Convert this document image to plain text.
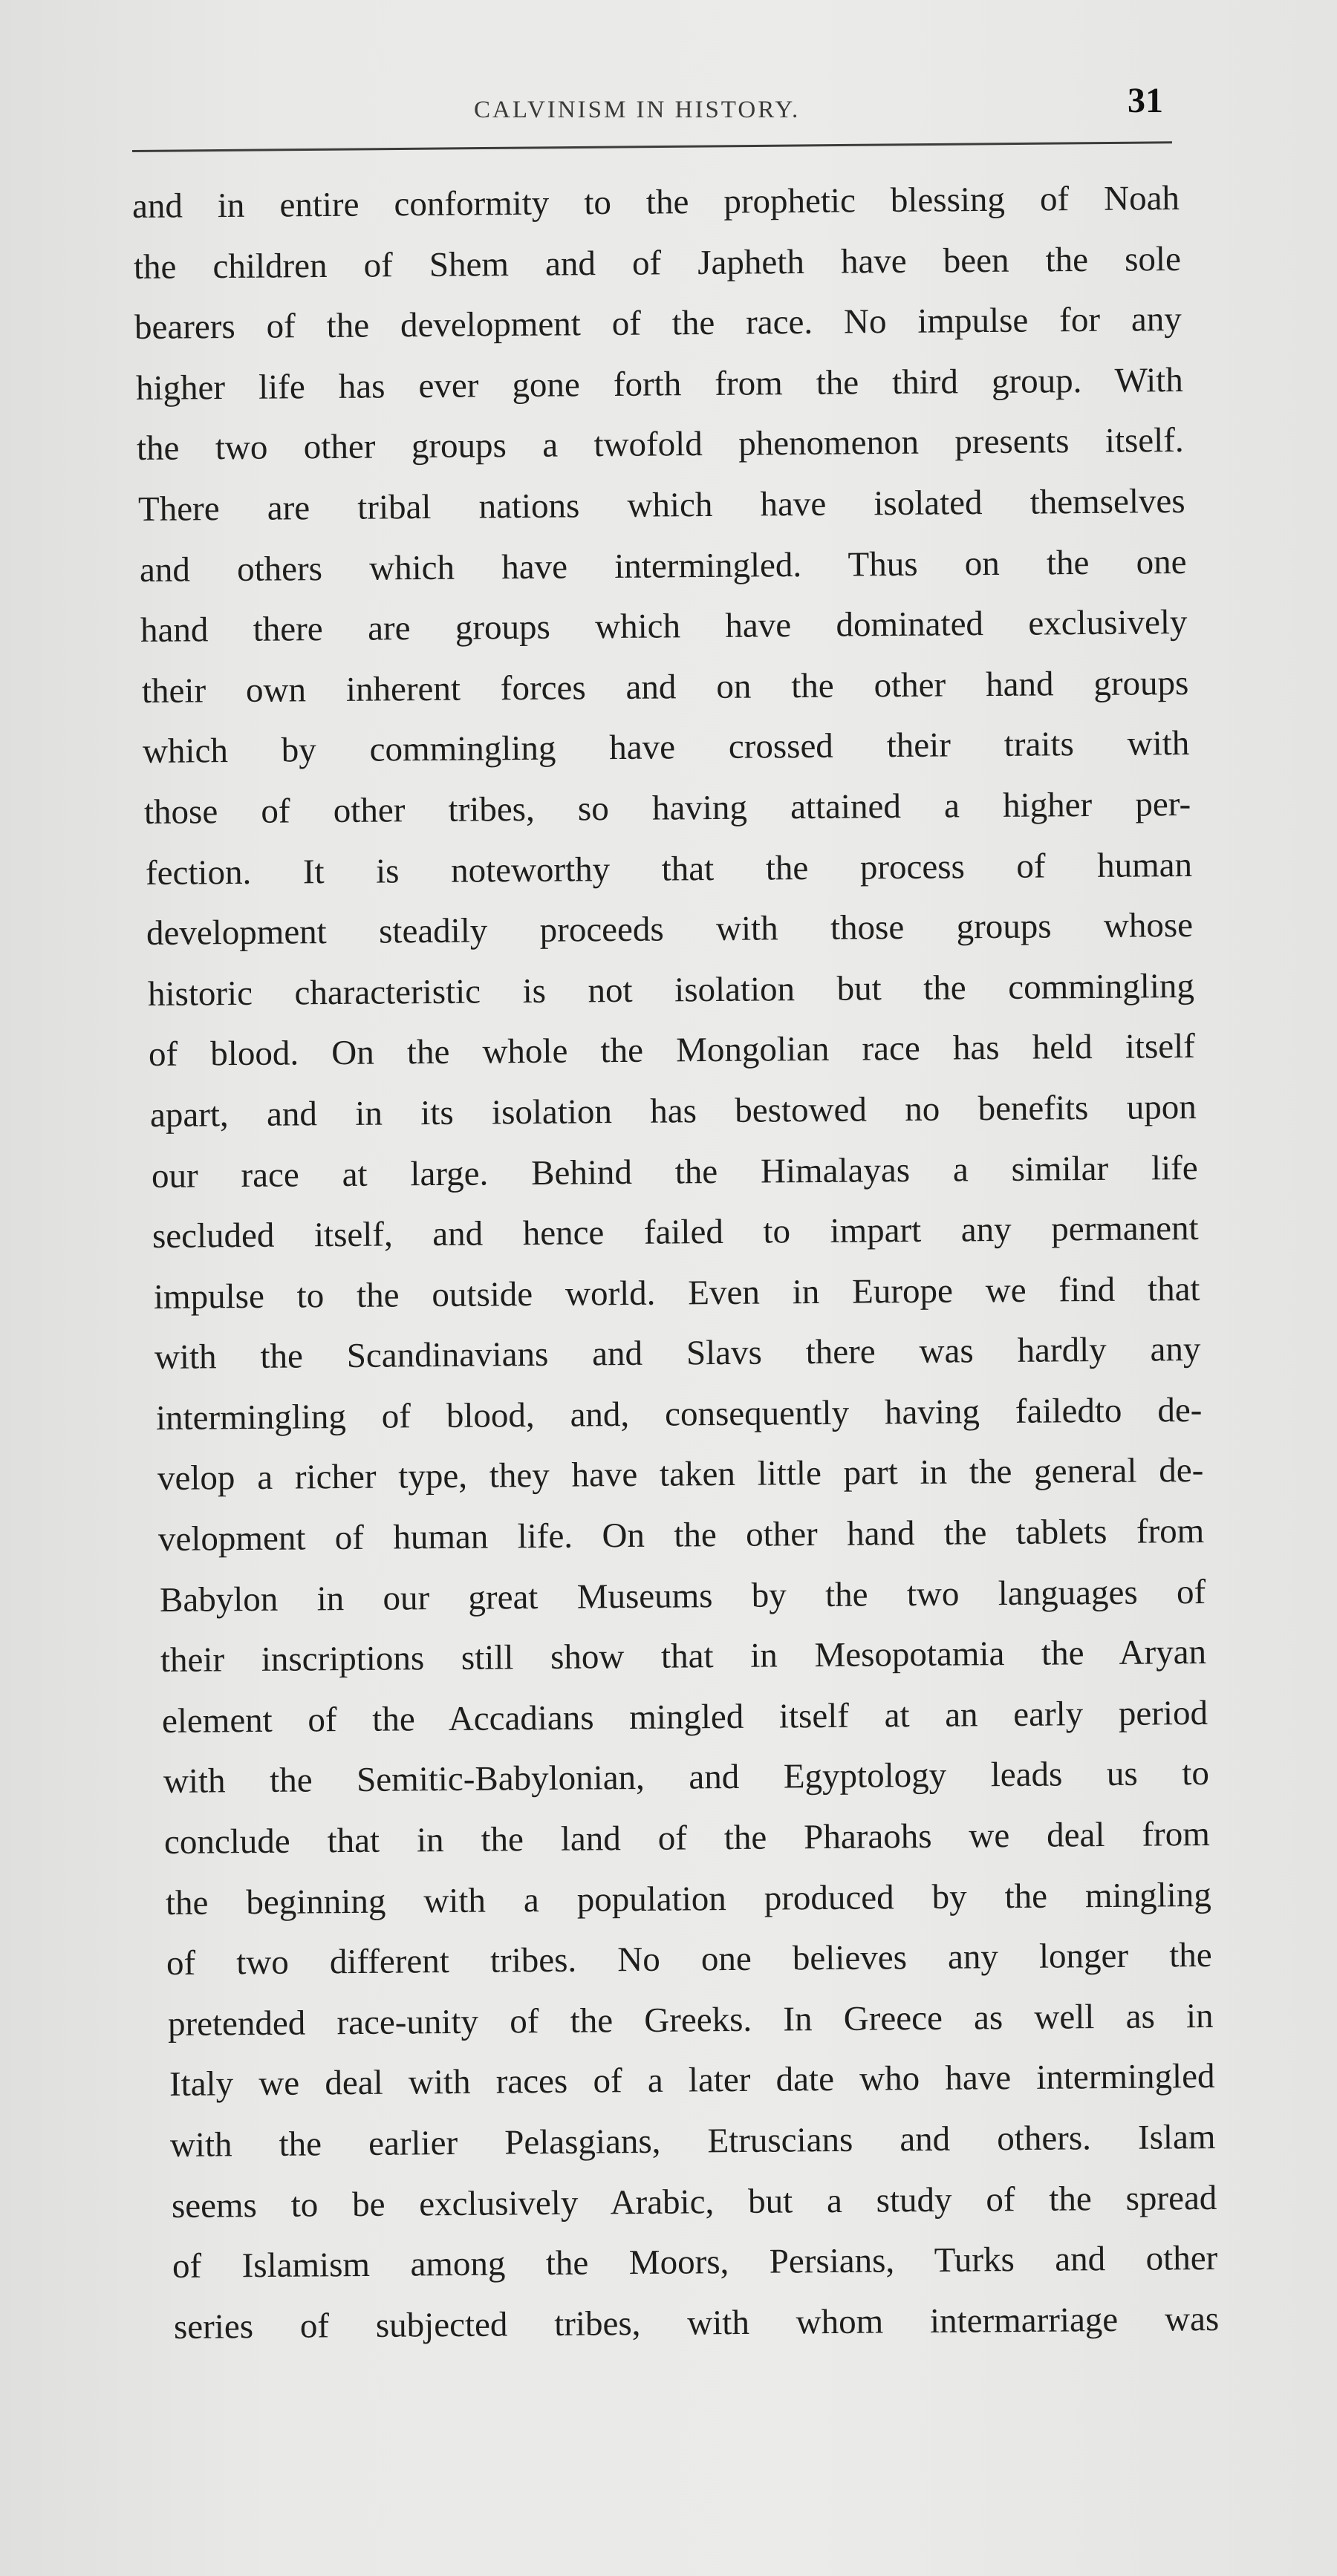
CALVINISM IN HISTORY.	31
and in entire conformity to the prophetic blessing of Noah
the children of Shem and of Japheth have been the sole
bearers of the development of the race. No impulse for any
higher life has ever gone forth from the third group. With
the two other groups a twofold phenomenon presents itself.
There are tribal nations which have isolated themselves
and others which have intermingled. Thus on the one
hand there are groups which have dominated exclusively
their own inherent forces and on the other hand groups
which by commingling have crossed their traits with
those of other tribes, so having attained a higher per-
fection. It is noteworthy that the process of human
development steadily proceeds with those groups whose
historic characteristic is not isolation but the commingling
of blood. On the whole the Mongolian race has held itself
apart, and in its isolation has bestowed no benefits upon
our race at large. Behind the Himalayas a similar life
secluded itself, and hence failed to impart any permanent
impulse to the outside world. Even in Europe we find that
with the Scandinavians and Slavs there was hardly any
intermingling of blood, and, consequently having failedto de-
velop a richer type, they have taken little part in the general de-
velopment of human life. On the other hand the tablets from
Babylon in our great Museums by the two languages of
their inscriptions still show that in Mesopotamia the Aryan
element of the Accadians mingled itself at an early period
with the Semitic-Babylonian, and Egyptology leads us to
conclude that in the land of the Pharaohs we deal from
the beginning with a population produced by the mingling
of two different tribes. No one believes any longer the
pretended race-unity of the Greeks. In Greece as well as in
Italy we deal with races of a later date who have intermingled
with the earlier Pelasgians, Etruscians and others. Islam
seems to be exclusively Arabic, but a study of the spread
of Islamism among the Moors, Persians, Turks and other
series of subjected tribes, with whom intermarriage was
